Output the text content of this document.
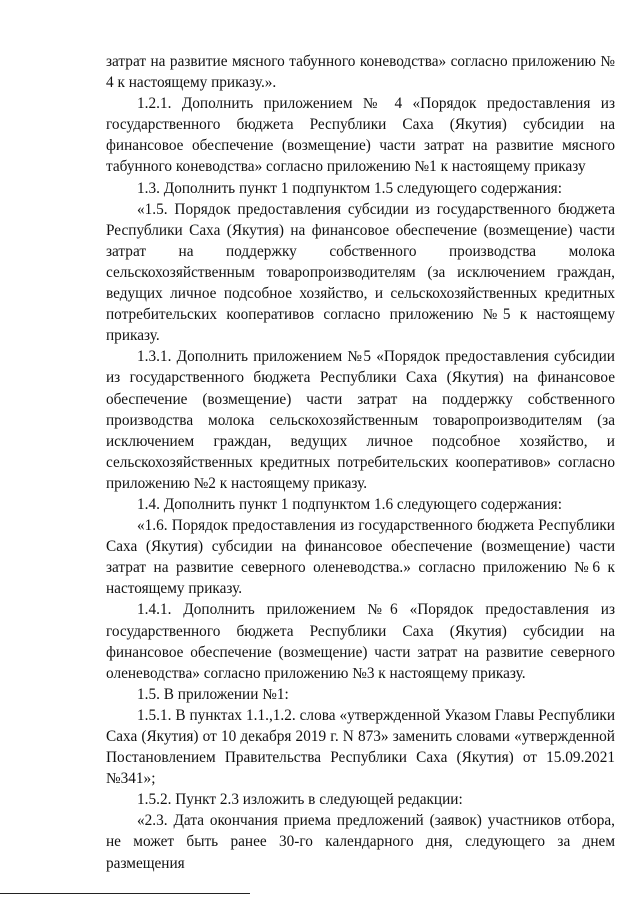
затрат на развитие мясного табунного коневодства» согласно приложению № 4 к настоящему приказу.».

1.2.1. Дополнить приложением № 4 «Порядок предоставления из государственного бюджета Республики Саха (Якутия) субсидии на финансовое обеспечение (возмещение) части затрат на развитие мясного табунного коневодства» согласно приложению №1 к настоящему приказу

1.3. Дополнить пункт 1 подпунктом 1.5 следующего содержания:

«1.5. Порядок предоставления субсидии из государственного бюджета Республики Саха (Якутия) на финансовое обеспечение (возмещение) части затрат на поддержку собственного производства молока сельскохозяйственным товаропроизводителям (за исключением граждан, ведущих личное подсобное хозяйство, и сельскохозяйственных кредитных потребительских кооперативов согласно приложению №5 к настоящему приказу.

1.3.1. Дополнить приложением №5 «Порядок предоставления субсидии из государственного бюджета Республики Саха (Якутия) на финансовое обеспечение (возмещение) части затрат на поддержку собственного производства молока сельскохозяйственным товаропроизводителям (за исключением граждан, ведущих личное подсобное хозяйство, и сельскохозяйственных кредитных потребительских кооперативов» согласно приложению №2 к настоящему приказу.

1.4. Дополнить пункт 1 подпунктом 1.6 следующего содержания:

«1.6. Порядок предоставления из государственного бюджета Республики Саха (Якутия) субсидии на финансовое обеспечение (возмещение) части затрат на развитие северного оленеводства.» согласно приложению №6 к настоящему приказу.

1.4.1. Дополнить приложением №6 «Порядок предоставления из государственного бюджета Республики Саха (Якутия) субсидии на финансовое обеспечение (возмещение) части затрат на развитие северного оленеводства» согласно приложению №3 к настоящему приказу.

1.5. В приложении №1:

1.5.1. В пунктах 1.1.,1.2. слова «утвержденной Указом Главы Республики Саха (Якутия) от 10 декабря 2019 г. N 873» заменить словами «утвержденной Постановлением Правительства Республики Саха (Якутия) от 15.09.2021 №341»;

1.5.2. Пункт 2.3 изложить в следующей редакции:

«2.3. Дата окончания приема предложений (заявок) участников отбора, не может быть ранее 30-го календарного дня, следующего за днем размещения
